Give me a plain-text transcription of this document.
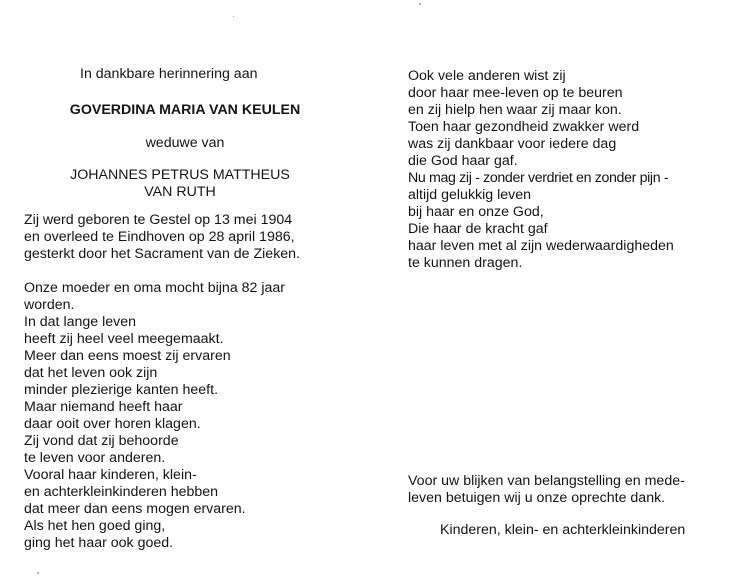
In dankbare herinnering aan
GOVERDINA MARIA VAN KEULEN
weduwe van
JOHANNES PETRUS MATTHEUS
VAN RUTH
Zij werd geboren te Gestel op 13 mei 1904
en overleed te Eindhoven op 28 april 1986,
gesterkt door het Sacrament van de Zieken.
Onze moeder en oma mocht bijna 82 jaar
worden.
In dat lange leven
heeft zij heel veel meegemaakt.
Meer dan eens moest zij ervaren
dat het leven ook zijn
minder plezierige kanten heeft.
Maar niemand heeft haar
daar ooit over horen klagen.
Zij vond dat zij behoorde
te leven voor anderen.
Vooral haar kinderen, klein-
en achterkleinkinderen hebben
dat meer dan eens mogen ervaren.
Als het hen goed ging,
ging het haar ook goed.
Ook vele anderen wist zij
door haar mee-leven op te beuren
en zij hielp hen waar zij maar kon.
Toen haar gezondheid zwakker werd
was zij dankbaar voor iedere dag
die God haar gaf.
Nu mag zij - zonder verdriet en zonder pijn -
altijd gelukkig leven
bij haar en onze God,
Die haar de kracht gaf
haar leven met al zijn wederwaardigheden
te kunnen dragen.
Voor uw blijken van belangstelling en mede-
leven betuigen wij u onze oprechte dank.
Kinderen, klein- en achterkleinkinderen
